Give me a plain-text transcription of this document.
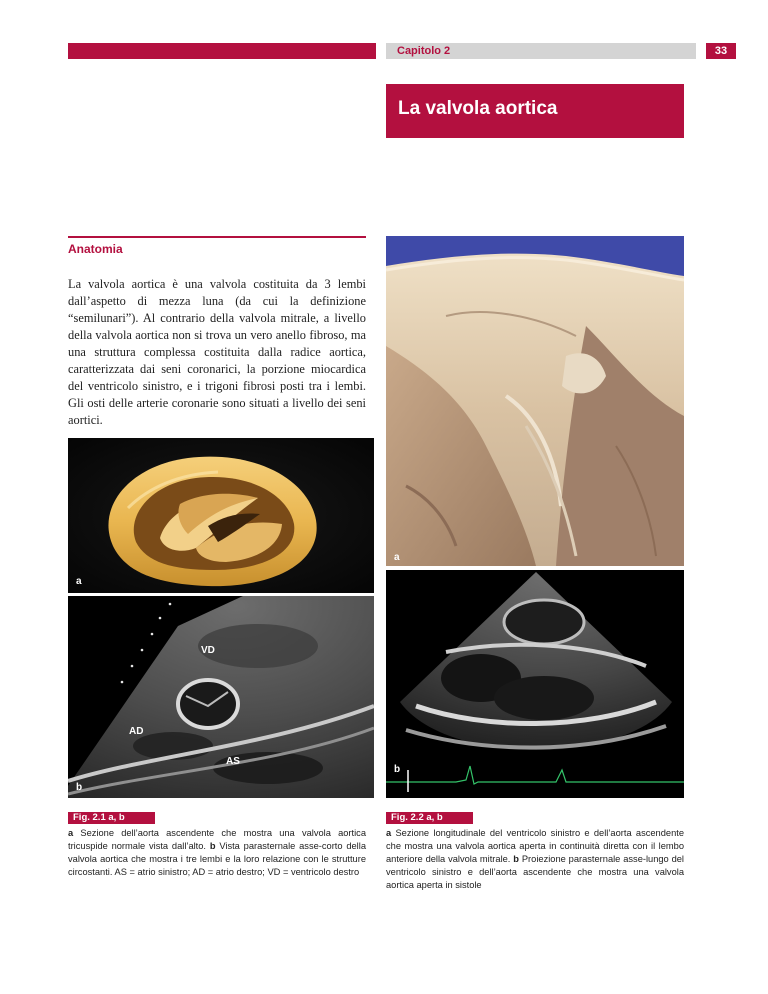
Capitolo 2	33
La valvola aortica
Anatomia
La valvola aortica è una valvola costituita da 3 lembi dall’aspetto di mezza luna (da cui la definizione “semilunari”). Al contrario della valvola mitrale, a livello della valvola aortica non si trova un vero anello fibroso, ma una struttura complessa costituita dalla radice aortica, caratterizzata dai seni coronarici, la porzione miocardica del ventricolo sinistro, e i trigoni fibrosi posti tra i lembi. Gli osti delle arterie coronarie sono situati a livello dei seni aortici.
a
VD
AD
AS
b
a
b
Fig. 2.1 a, b
a Sezione dell’aorta ascendente che mostra una valvola aortica tricuspide normale vista dall’alto. b Vista parasternale asse-corto della valvola aortica che mostra i tre lembi e la loro relazione con le strutture circostanti. AS = atrio sinistro; AD = atrio destro; VD = ventricolo destro
Fig. 2.2 a, b
a Sezione longitudinale del ventricolo sinistro e dell’aorta ascendente che mostra una valvola aortica aperta in continuità diretta con il lembo anteriore della valvola mitrale. b Proiezione parasternale asse-lungo del ventricolo sinistro e dell’aorta ascendente che mostra una valvola aortica aperta in sistole
